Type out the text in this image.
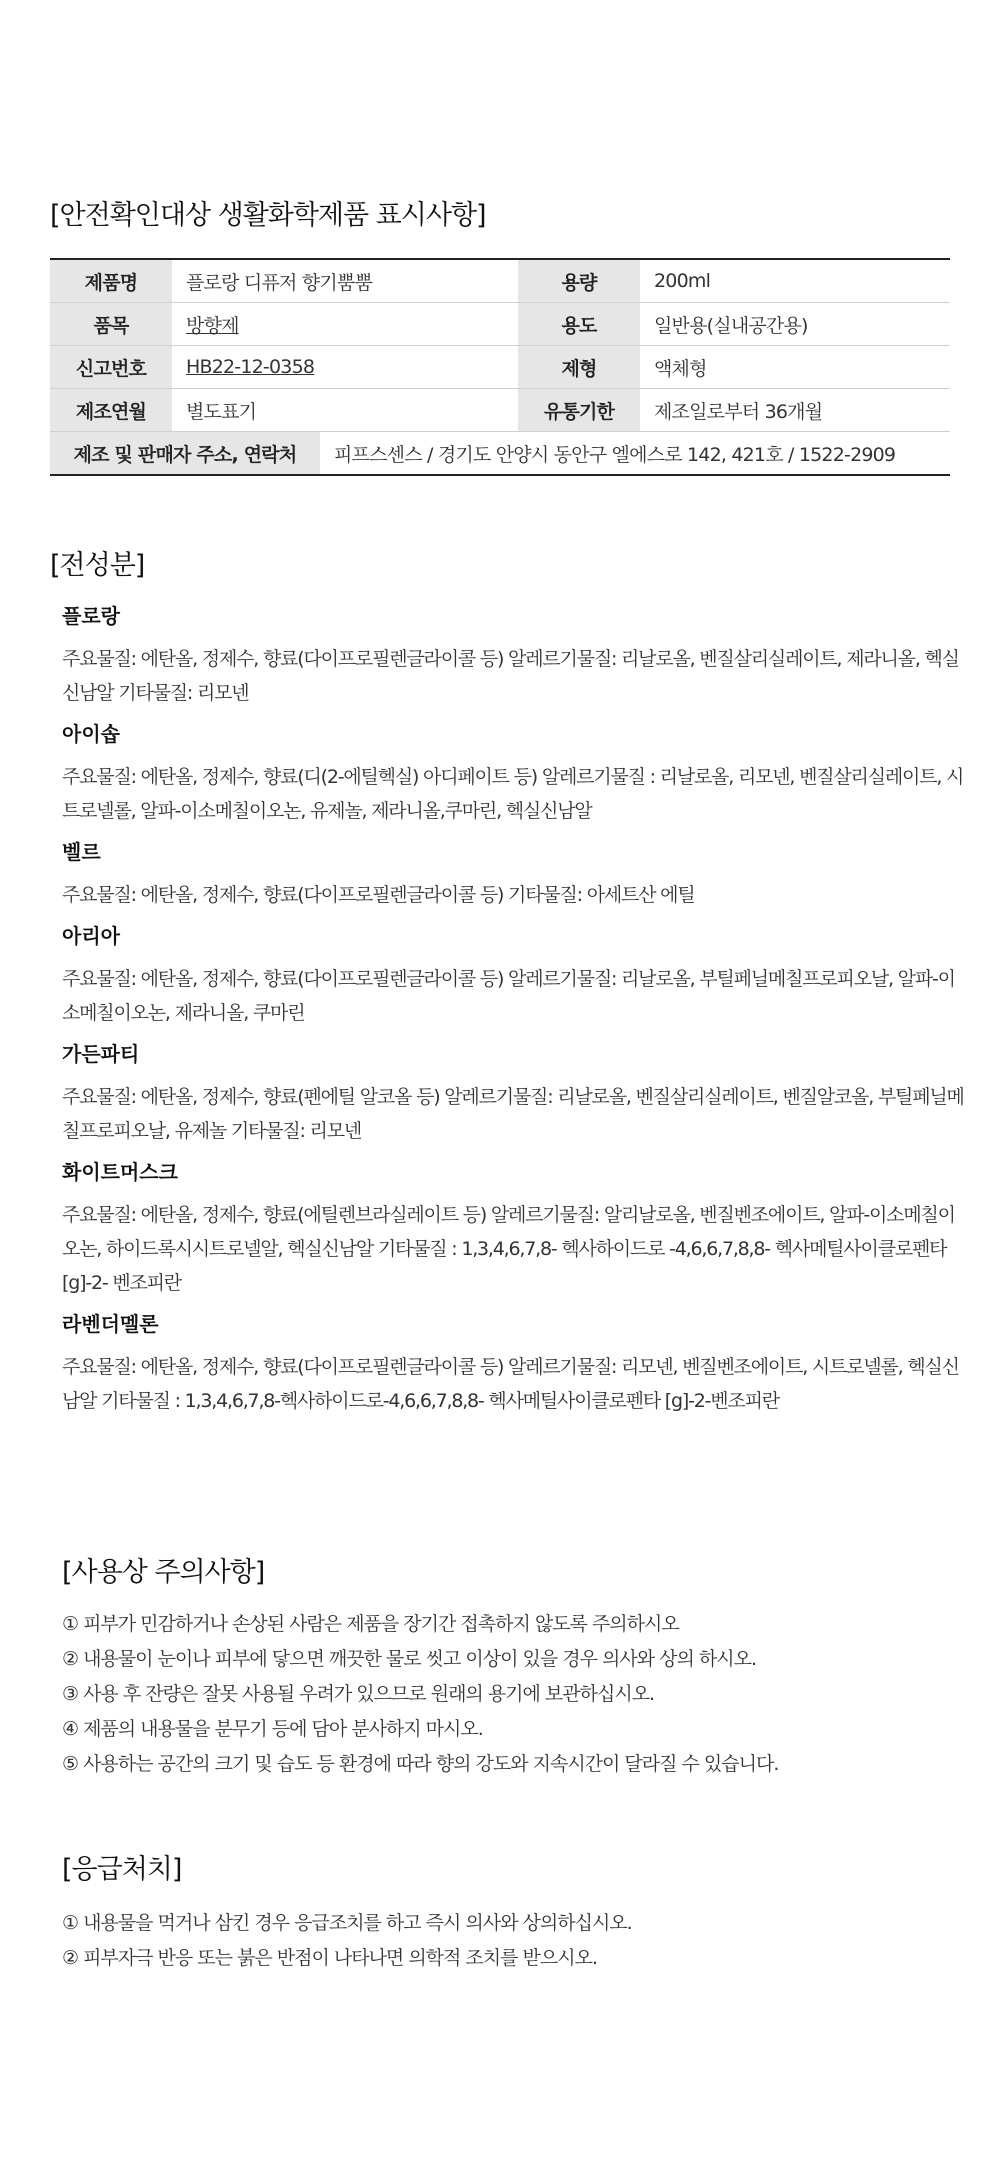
[안전확인대상 생활화학제품 표시사항]
제품명	플로랑 디퓨저 향기뿜뿜	용량	200ml
품목	방향제	용도	일반용(실내공간용)
신고번호	HB22-12-0358	제형	액체형
제조연월	별도표기	유통기한	제조일로부터 36개월
제조 및 판매자 주소, 연락처	피프스센스 / 경기도 안양시 동안구 엘에스로 142, 421호 / 1522-2909
[전성분]

플로랑

주요물질: 에탄올, 정제수, 향료(다이프로필렌글라이콜 등) 알레르기물질: 리날로올, 벤질살리실레이트, 제라니올, 헥실신남알 기타물질: 리모넨

아이솝

주요물질: 에탄올, 정제수, 향료(디(2-에틸헥실) 아디페이트 등) 알레르기물질 : 리날로올, 리모넨, 벤질살리실레이트, 시트로넬롤, 알파-이소메칠이오논, 유제놀, 제라니올,쿠마린, 헥실신남알

벨르

주요물질: 에탄올, 정제수, 향료(다이프로필렌글라이콜 등) 기타물질: 아세트산 에틸

아리아

주요물질: 에탄올, 정제수, 향료(다이프로필렌글라이콜 등) 알레르기물질: 리날로올, 부틸페닐메칠프로피오날, 알파-이소메칠이오논, 제라니올, 쿠마린

가든파티

주요물질: 에탄올, 정제수, 향료(펜에틸 알코올 등) 알레르기물질: 리날로올, 벤질살리실레이트, 벤질알코올, 부틸페닐메칠프로피오날, 유제놀 기타물질: 리모넨

화이트머스크

주요물질: 에탄올, 정제수, 향료(에틸렌브라실레이트 등) 알레르기물질: 알리날로올, 벤질벤조에이트, 알파-이소메칠이오논, 하이드록시시트로넬알, 헥실신남알 기타물질 : 1,3,4,6,7,8- 헥사하이드로 -4,6,6,7,8,8- 헥사메틸사이클로펜타 [g]-2- 벤조피란

라벤더멜론

주요물질: 에탄올, 정제수, 향료(다이프로필렌글라이콜 등) 알레르기물질: 리모넨, 벤질벤조에이트, 시트로넬롤, 헥실신남알 기타물질 : 1,3,4,6,7,8-헥사하이드로-4,6,6,7,8,8- 헥사메틸사이클로펜타 [g]-2-벤조피란

[사용상 주의사항]
① 피부가 민감하거나 손상된 사람은 제품을 장기간 접촉하지 않도록 주의하시오
② 내용물이 눈이나 피부에 닿으면 깨끗한 물로 씻고 이상이 있을 경우 의사와 상의 하시오.
③ 사용 후 잔량은 잘못 사용될 우려가 있으므로 원래의 용기에 보관하십시오.
④ 제품의 내용물을 분무기 등에 담아 분사하지 마시오.
⑤ 사용하는 공간의 크기 및 습도 등 환경에 따라 향의 강도와 지속시간이 달라질 수 있습니다.
[응급처치]
① 내용물을 먹거나 삼킨 경우 응급조치를 하고 즉시 의사와 상의하십시오.
② 피부자극 반응 또는 붉은 반점이 나타나면 의학적 조치를 받으시오.
